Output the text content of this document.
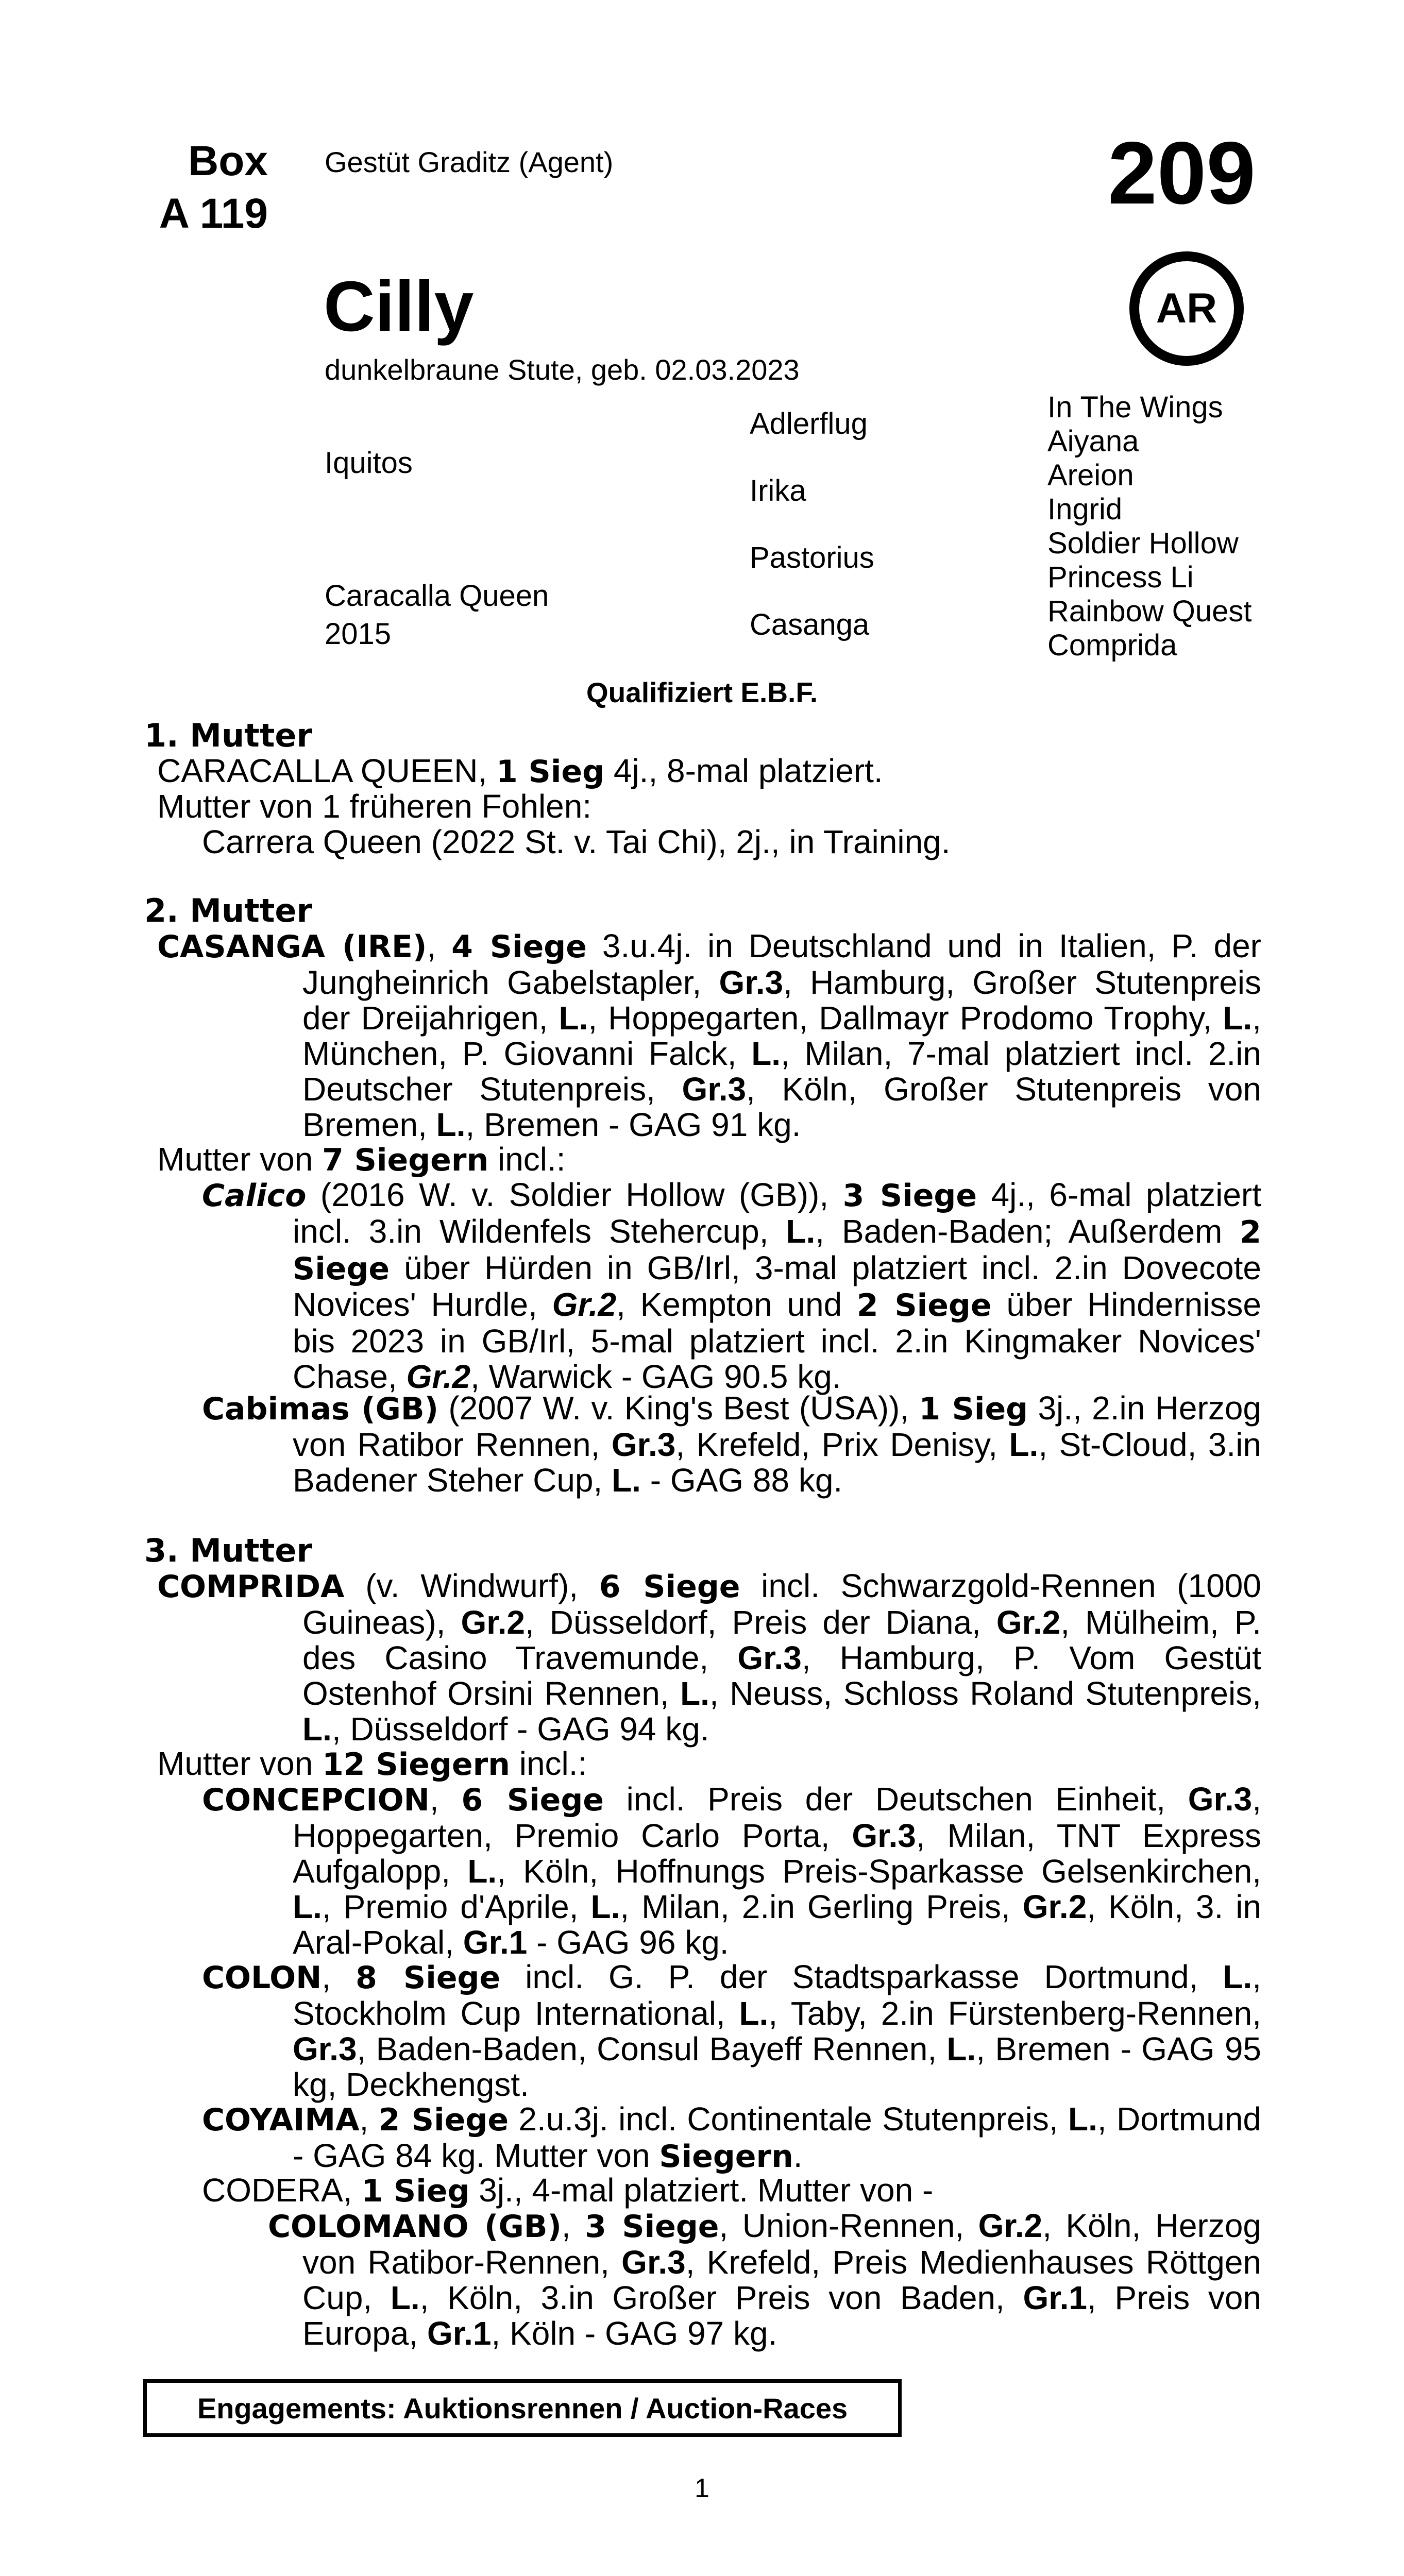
Box
A 119
Gestüt Graditz (Agent)	209
AR
Cilly
dunkelbraune Stute, geb. 02.03.2023
Iquitos
Caracalla Queen
2015
Adlerflug
Irika
Pastorius
Casanga
In The Wings
Aiyana
Areion
Ingrid
Soldier Hollow
Princess Li
Rainbow Quest
Comprida
Qualifiziert E.B.F.
1. Mutter
CARACALLA QUEEN, 1 Sieg 4j., 8-mal platziert.
Mutter von 1 früheren Fohlen:
Carrera Queen (2022 St. v. Tai Chi), 2j., in Training.
2. Mutter
CASANGA (IRE), 4 Siege 3.u.4j. in Deutschland und in Italien, P. der Jungheinrich Gabelstapler, Gr.3, Hamburg, Großer Stutenpreis der Dreijahrigen, L., Hoppegarten, Dallmayr Prodomo Trophy, L., München, P. Giovanni Falck, L., Milan, 7-mal platziert incl. 2.in Deutscher Stutenpreis, Gr.3, Köln, Großer Stutenpreis von Bremen, L., Bremen - GAG 91 kg.
Mutter von 7 Siegern incl.:
Calico (2016 W. v. Soldier Hollow (GB)), 3 Siege 4j., 6-mal platziert incl. 3.in Wildenfels Stehercup, L., Baden-Baden; Außerdem 2 Siege über Hürden in GB/Irl, 3-mal platziert incl. 2.in Dovecote Novices' Hurdle, Gr.2, Kempton und 2 Siege über Hindernisse bis 2023 in GB/Irl, 5-mal platziert incl. 2.in Kingmaker Novices' Chase, Gr.2, Warwick - GAG 90.5 kg.
Cabimas (GB) (2007 W. v. King's Best (USA)), 1 Sieg 3j., 2.in Herzog von Ratibor Rennen, Gr.3, Krefeld, Prix Denisy, L., St-Cloud, 3.in Badener Steher Cup, L. - GAG 88 kg.
3. Mutter
COMPRIDA (v. Windwurf), 6 Siege incl. Schwarzgold-Rennen (1000 Guineas), Gr.2, Düsseldorf, Preis der Diana, Gr.2, Mülheim, P. des Casino Travemunde, Gr.3, Hamburg, P. Vom Gestüt Ostenhof Orsini Rennen, L., Neuss, Schloss Roland Stutenpreis, L., Düsseldorf - GAG 94 kg.
Mutter von 12 Siegern incl.:
CONCEPCION, 6 Siege incl. Preis der Deutschen Einheit, Gr.3, Hoppegarten, Premio Carlo Porta, Gr.3, Milan, TNT Express Aufgalopp, L., Köln, Hoffnungs Preis-Sparkasse Gelsenkirchen, L., Premio d'Aprile, L., Milan, 2.in Gerling Preis, Gr.2, Köln, 3. in Aral-Pokal, Gr.1 - GAG 96 kg.
COLON, 8 Siege incl. G. P. der Stadtsparkasse Dortmund, L., Stockholm Cup International, L., Taby, 2.in Fürstenberg-Rennen, Gr.3, Baden-Baden, Consul Bayeff Rennen, L., Bremen - GAG 95 kg, Deckhengst.
COYAIMA, 2 Siege 2.u.3j. incl. Continentale Stutenpreis, L., Dortmund - GAG 84 kg. Mutter von Siegern.
CODERA, 1 Sieg 3j., 4-mal platziert. Mutter von -
COLOMANO (GB), 3 Siege, Union-Rennen, Gr.2, Köln, Herzog von Ratibor-Rennen, Gr.3, Krefeld, Preis Medienhauses Röttgen Cup, L., Köln, 3.in Großer Preis von Baden, Gr.1, Preis von Europa, Gr.1, Köln - GAG 97 kg.
Engagements: Auktionsrennen / Auction-Races
1
